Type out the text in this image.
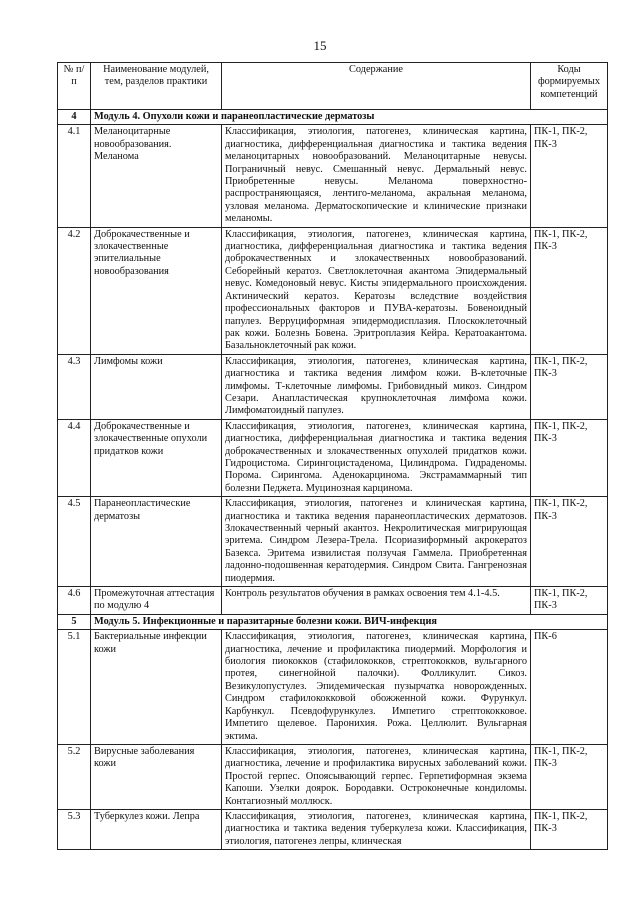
15
№ п/п	Наименование модулей, тем, разделов практики	Содержание	Коды формируемых компетенций
4	Модуль 4. Опухоли кожи и паранеопластические дерматозы		
4.1	Меланоцитарные новообразования. Меланома	Классификация, этиология, патогенез, клиническая картина, диагностика, дифференциальная диагностика и тактика ведения меланоцитарных новообразований. Меланоцитарные невусы. Пограничный невус. Смешанный невус. Дермальный невус. Приобретенные невусы. Меланома поверхностно-распространяющаяся, лентиго-меланома, акральная меланома, узловая меланома. Дерматоскопические и клинические признаки меланомы.	ПК-1, ПК-2, ПК-3
4.2	Доброкачественные и злокачественные эпителиальные новообразования	Классификация, этиология, патогенез, клиническая картина, диагностика, дифференциальная диагностика и тактика ведения доброкачественных и злокачественных новообразований. Себорейный кератоз. Светлоклеточная акантома Эпидермальный невус. Комедоновый невус. Кисты эпидермального происхождения. Актинический кератоз. Кератозы вследствие воздействия профессиональных факторов и ПУВА-кератозы. Бовеноидный папулез. Верруциформная эпидермодисплазия. Плоскоклеточный рак кожи. Болезнь Бовена. Эритроплазия Кейра. Кератоакантома. Базальноклеточный рак кожи.	ПК-1, ПК-2, ПК-3
4.3	Лимфомы кожи	Классификация, этиология, патогенез, клиническая картина, диагностика и тактика ведения лимфом кожи. В-клеточные лимфомы. Т-клеточные лимфомы. Грибовидный микоз. Синдром Сезари. Анапластическая крупноклеточная лимфома кожи. Лимфоматоидный папулез.	ПК-1, ПК-2, ПК-3
4.4	Доброкачественные и злокачественные опухоли придатков кожи	Классификация, этиология, патогенез, клиническая картина, диагностика, дифференциальная диагностика и тактика ведения доброкачественных и злокачественных опухолей придатков кожи. Гидроцистома. Сирингоцистаденома, Цилиндрома. Гидраденомы. Порома. Сирингома. Аденокарцинома. Экстрамаммарный тип болезни Педжета. Муцинозная карцинома.	ПК-1, ПК-2, ПК-3
4.5	Паранеопластические дерматозы	Классификация, этиология, патогенез и клиническая картина, диагностика и тактика ведения паранеопластических дерматозов. Злокачественный черный акантоз. Некролитическая мигрирующая эритема. Синдром Лезера-Трела. Псориазиформный акрокератоз Базекса. Эритема извилистая ползучая Гаммела. Приобретенная ладонно-подошвенная кератодермия. Синдром Свита. Гангренозная пиодермия.	ПК-1, ПК-2, ПК-3
4.6	Промежуточная аттестация по модулю 4	Контроль результатов обучения в рамках освоения тем 4.1-4.5.	ПК-1, ПК-2, ПК-3
5	Модуль 5. Инфекционные и паразитарные болезни кожи. ВИЧ-инфекция		
5.1	Бактериальные инфекции кожи	Классификация, этиология, патогенез, клиническая картина, диагностика, лечение и профилактика пиодермий. Морфология и биология пиококков (стафилококков, стрептококков, вульгарного протея, синегнойной палочки). Фолликулит. Сикоз. Везикулопустулез. Эпидемическая пузырчатка новорожденных. Синдром стафилококковой обожженной кожи. Фурункул. Карбункул. Псевдофурункулез. Импетиго стрептококковое. Импетиго щелевое. Паронихия. Рожа. Целлюлит. Вульгарная эктима.	ПК-6
5.2	Вирусные заболевания кожи	Классификация, этиология, патогенез, клиническая картина, диагностика, лечение и профилактика вирусных заболеваний кожи. Простой герпес. Опоясывающий герпес. Герпетиформная экзема Капоши. Узелки доярок. Бородавки. Остроконечные кондиломы. Контагиозный моллюск.	ПК-1, ПК-2, ПК-3
5.3	Туберкулез кожи. Лепра	Классификация, этиология, патогенез, клиническая картина, диагностика и тактика ведения туберкулеза кожи. Классификация, этиология, патогенез лепры, клинческая	ПК-1, ПК-2, ПК-3
